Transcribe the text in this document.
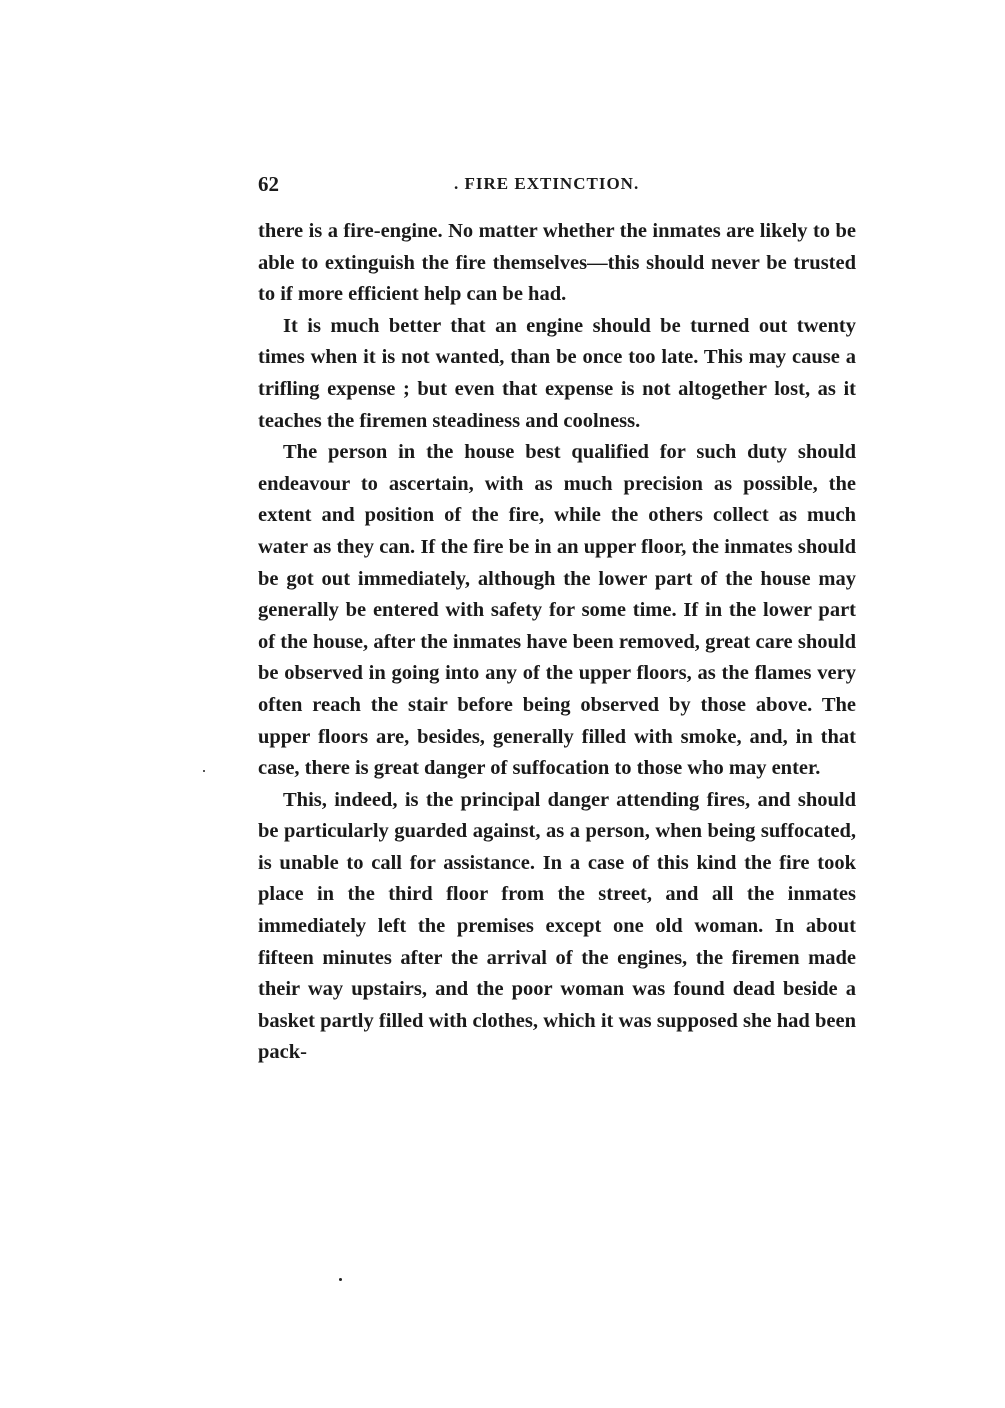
62	. FIRE EXTINCTION.

there is a fire-engine. No matter whether the inmates are likely to be able to extinguish the fire themselves—this should never be trusted to if more efficient help can be had.

It is much better that an engine should be turned out twenty times when it is not wanted, than be once too late. This may cause a trifling expense ; but even that expense is not altogether lost, as it teaches the firemen steadiness and coolness.

The person in the house best qualified for such duty should endeavour to ascertain, with as much precision as possible, the extent and position of the fire, while the others collect as much water as they can. If the fire be in an upper floor, the inmates should be got out immediately, although the lower part of the house may generally be entered with safety for some time. If in the lower part of the house, after the inmates have been removed, great care should be observed in going into any of the upper floors, as the flames very often reach the stair before being observed by those above. The upper floors are, besides, generally filled with smoke, and, in that case, there is great danger of suffocation to those who may enter.

This, indeed, is the principal danger attending fires, and should be particularly guarded against, as a person, when being suffocated, is unable to call for assistance. In a case of this kind the fire took place in the third floor from the street, and all the inmates immediately left the premises except one old woman. In about fifteen minutes after the arrival of the engines, the firemen made their way upstairs, and the poor woman was found dead beside a basket partly filled with clothes, which it was supposed she had been pack-
